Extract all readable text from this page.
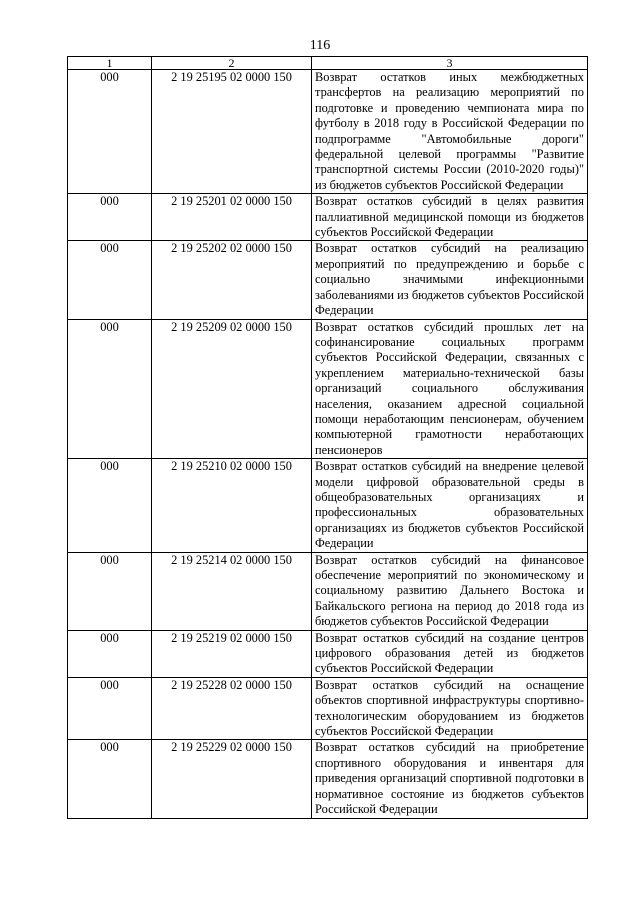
116
1	2	3
000	2 19 25195 02 0000 150	Возврат остатков иных межбюджетных трансфертов на реализацию мероприятий по подготовке и проведению чемпионата мира по футболу в 2018 году в Российской Федерации по подпрограмме "Автомобильные дороги" федеральной целевой программы "Развитие транспортной системы России (2010-2020 годы)" из бюджетов субъектов Российской Федерации
000	2 19 25201 02 0000 150	Возврат остатков субсидий в целях развития паллиативной медицинской помощи из бюджетов субъектов Российской Федерации
000	2 19 25202 02 0000 150	Возврат остатков субсидий на реализацию мероприятий по предупреждению и борьбе с социально значимыми инфекционными заболеваниями из бюджетов субъектов Российской Федерации
000	2 19 25209 02 0000 150	Возврат остатков субсидий прошлых лет на софинансирование социальных программ субъектов Российской Федерации, связанных с укреплением материально-технической базы организаций социального обслуживания населения, оказанием адресной социальной помощи неработающим пенсионерам, обучением компьютерной грамотности неработающих пенсионеров
000	2 19 25210 02 0000 150	Возврат остатков субсидий на внедрение целевой модели цифровой образовательной среды в общеобразовательных организациях и профессиональных образовательных организациях из бюджетов субъектов Российской Федерации
000	2 19 25214 02 0000 150	Возврат остатков субсидий на финансовое обеспечение мероприятий по экономическому и социальному развитию Дальнего Востока и Байкальского региона на период до 2018 года из бюджетов субъектов Российской Федерации
000	2 19 25219 02 0000 150	Возврат остатков субсидий на создание центров цифрового образования детей из бюджетов субъектов Российской Федерации
000	2 19 25228 02 0000 150	Возврат остатков субсидий на оснащение объектов спортивной инфраструктуры спортивно-технологическим оборудованием из бюджетов субъектов Российской Федерации
000	2 19 25229 02 0000 150	Возврат остатков субсидий на приобретение спортивного оборудования и инвентаря для приведения организаций спортивной подготовки в нормативное состояние из бюджетов субъектов Российской Федерации
